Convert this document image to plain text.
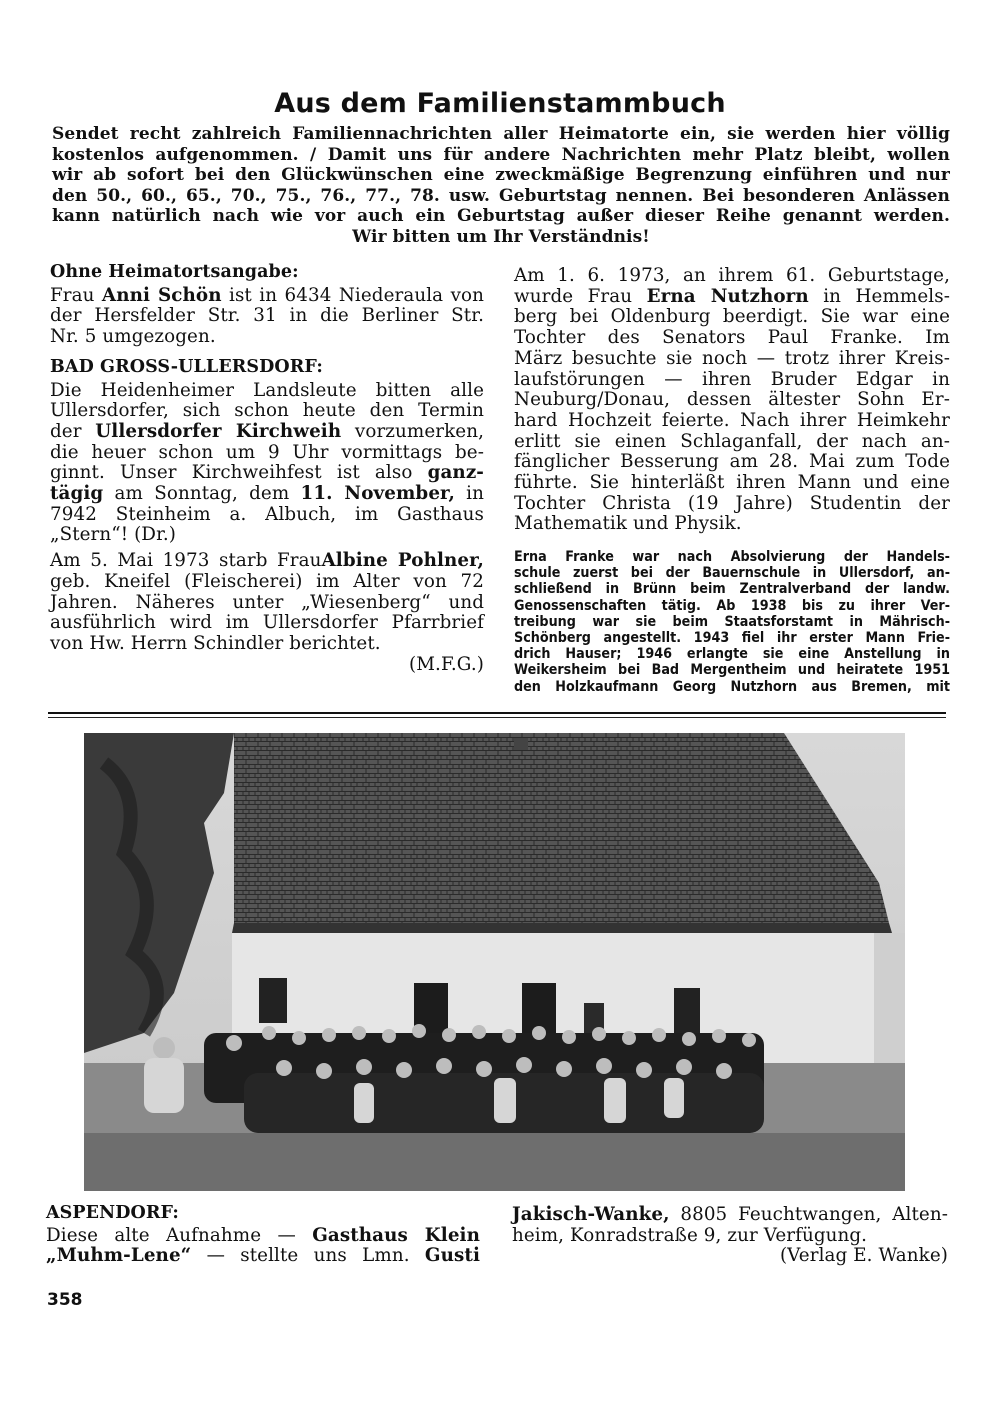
Aus dem Familienstammbuch
Sendet recht zahlreich Familiennachrichten aller Heimatorte ein, sie werden hier völlig
kostenlos aufgenommen. / Damit uns für andere Nachrichten mehr Platz bleibt, wollen
wir ab sofort bei den Glückwünschen eine zweckmäßige Begrenzung einführen und nur
den 50., 60., 65., 70., 75., 76., 77., 78. usw. Geburtstag nennen. Bei besonderen Anlässen
kann natürlich nach wie vor auch ein Geburtstag außer dieser Reihe genannt werden.
Wir bitten um Ihr Verständnis!
Ohne Heimatortsangabe:
Frau Anni Schön ist in 6434 Niederaula von
der Hersfelder Str. 31 in die Berliner Str.
Nr. 5 umgezogen.
BAD GROSS-ULLERSDORF:
Die Heidenheimer Landsleute bitten alle
Ullersdorfer, sich schon heute den Termin
der Ullersdorfer Kirchweih vorzumerken,
die heuer schon um 9 Uhr vormittags be-
ginnt. Unser Kirchweihfest ist also ganz-
tägig am Sonntag, dem 11. November, in
7942 Steinheim a. Albuch, im Gasthaus
„Stern“! (Dr.)
Am 5. Mai 1973 starb FrauAlbine Pohlner,
geb. Kneifel (Fleischerei) im Alter von 72
Jahren. Näheres unter „Wiesenberg“ und
ausführlich wird im Ullersdorfer Pfarrbrief
von Hw. Herrn Schindler berichtet.
(M.F.G.)
Am 1. 6. 1973, an ihrem 61. Geburtstage,
wurde Frau Erna Nutzhorn in Hemmels-
berg bei Oldenburg beerdigt. Sie war eine
Tochter des Senators Paul Franke. Im
März besuchte sie noch — trotz ihrer Kreis-
laufstörungen — ihren Bruder Edgar in
Neuburg/Donau, dessen ältester Sohn Er-
hard Hochzeit feierte. Nach ihrer Heimkehr
erlitt sie einen Schlaganfall, der nach an-
fänglicher Besserung am 28. Mai zum Tode
führte. Sie hinterläßt ihren Mann und eine
Tochter Christa (19 Jahre) Studentin der
Mathematik und Physik.
Erna Franke war nach Absolvierung der Handels-
schule zuerst bei der Bauernschule in Ullersdorf, an-
schließend in Brünn beim Zentralverband der landw.
Genossenschaften tätig. Ab 1938 bis zu ihrer Ver-
treibung war sie beim Staatsforstamt in Mährisch-
Schönberg angestellt. 1943 fiel ihr erster Mann Frie-
drich Hauser; 1946 erlangte sie eine Anstellung in
Weikersheim bei Bad Mergentheim und heiratete 1951
den Holzkaufmann Georg Nutzhorn aus Bremen, mit
ASPENDORF:
Diese alte Aufnahme — Gasthaus Klein
„Muhm-Lene“ — stellte uns Lmn. Gusti
Jakisch-Wanke, 8805 Feuchtwangen, Alten-
heim, Konradstraße 9, zur Verfügung.
(Verlag E. Wanke)
358
